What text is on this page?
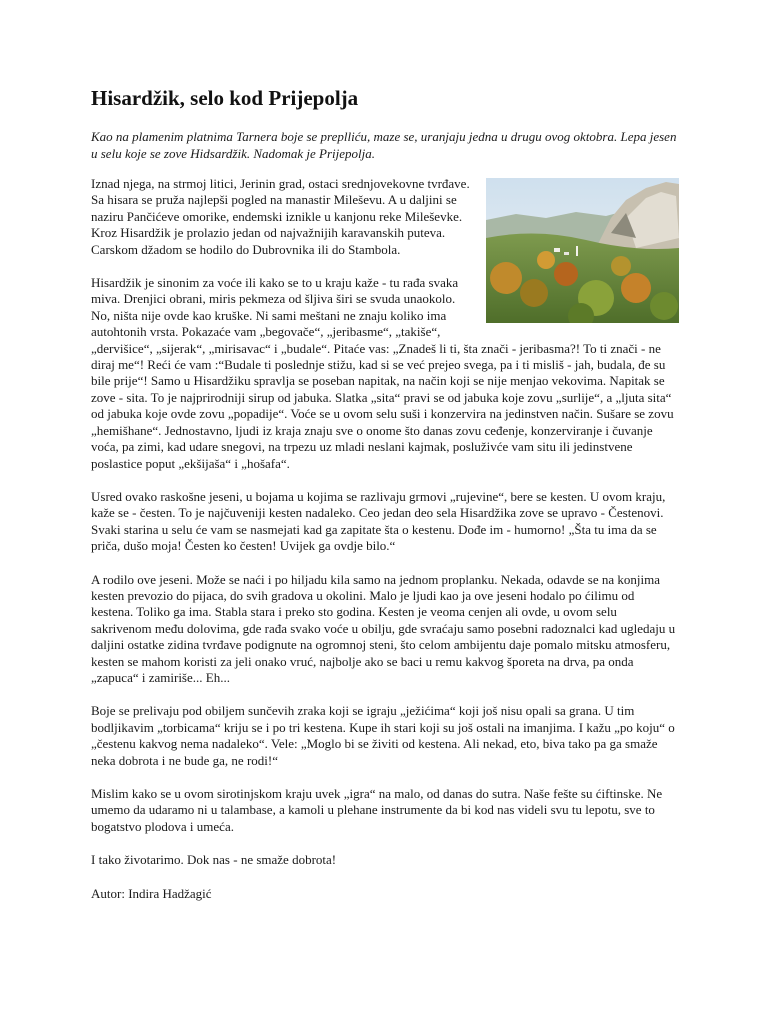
Hisardžik, selo kod Prijepolja

Kao na plamenim platnima Tarnera boje se preplliću, maze se, uranjaju jedna u drugu ovog oktobra. Lepa jesen u selu koje se zove Hidsardžik. Nadomak je Prijepolja.

Iznad njega, na strmoj litici, Jerinin grad, ostaci srednjovekovne tvrđave. Sa hisara se pruža najlepši pogled na manastir Mileševu. A u daljini se naziru Pančićeve omorike, endemski iznikle u kanjonu reke Mileševke. Kroz Hisardžik je prolazio jedan od najvažnijih karavanskih puteva. Carskom džadom se hodilo do Dubrovnika ili do Stambola.

Hisardžik je sinonim za voće ili kako se to u kraju kaže - tu rađa svaka miva. Drenjici obrani, miris pekmeza od šljiva širi se svuda unaokolo. No, ništa nije ovde kao kruške. Ni sami meštani ne znaju koliko ima autohtonih vrsta. Pokazaće vam „begovače“, „jeribasme“, „takiše“, „dervišice“, „sijerak“, „mirisavac“ i „budale“. Pitaće vas: „Znadeš li ti, šta znači - jeribasma?! To ti znači - ne diraj me“! Reći će vam :“Budale ti poslednje stižu, kad si se već prejeo svega, pa i ti misliš - jah, budala, đe su bile prije“! Samo u Hisardžiku spravlja se poseban napitak, na način koji se nije menjao vekovima. Napitak se zove - sita. To je najprirodniji sirup od jabuka. Slatka „sita“ pravi se od jabuka koje zovu „surlije“, a „ljuta sita“ od jabuka koje ovde zovu „popadije“. Voće se u ovom selu suši i konzervira na jedinstven način. Sušare se zovu „hemišhane“. Jednostavno, ljudi iz kraja znaju sve o onome što danas zovu ceđenje, konzerviranje i čuvanje voća, pa zimi, kad udare snegovi, na trpezu uz mladi neslani kajmak, posluživće vam situ ili jedinstvene poslastice poput „ekšijaša“ i „hošafa“.

Usred ovako raskošne jeseni, u bojama u kojima se razlivaju grmovi „rujevine“, bere se kesten. U ovom kraju, kaže se - česten. To je najčuveniji kesten nadaleko. Ceo jedan deo sela Hisardžika zove se upravo - Čestenovi. Svaki starina u selu će vam se nasmejati kad ga zapitate šta o kestenu. Dođe im - humorno! „Šta tu ima da se priča, dušo moja! Česten ko česten! Uvijek ga ovdje bilo.“

A rodilo ove jeseni. Može se naći i po hiljadu kila samo na jednom proplanku. Nekada, odavde se na konjima kesten prevozio do pijaca, do svih gradova u okolini. Malo je ljudi kao ja ove jeseni hodalo po ćilimu od kestena. Toliko ga ima. Stabla stara i preko sto godina. Kesten je veoma cenjen ali ovde, u ovom selu sakrivenom među dolovima, gde rađa svako voće u obilju, gde svraćaju samo posebni radoznalci kad ugledaju u daljini ostatke zidina tvrđave podignute na ogromnoj steni, što celom ambijentu daje pomalo mitsku atmosferu, kesten se mahom koristi za jeli onako vruć, najbolje ako se baci u remu kakvog šporeta na drva, pa onda „zapuca“ i zamiriše... Eh...

Boje se prelivaju pod obiljem sunčevih zraka koji se igraju „ježićima“ koji još nisu opali sa grana. U tim bodljikavim „torbicama“ kriju se i po tri kestena. Kupe ih stari koji su još ostali na imanjima. I kažu „po koju“ o „čestenu kakvog nema nadaleko“. Vele: „Moglo bi se živiti od kestena. Ali nekad, eto, biva tako pa ga smaže neka dobrota i ne bude ga, ne rodi!“

Mislim kako se u ovom sirotinjskom kraju uvek „igra“ na malo, od danas do sutra. Naše fešte su ćiftinske. Ne umemo da udaramo ni u talambase, a kamoli u plehane instrumente da bi kod nas videli svu tu lepotu, sve to bogatstvo plodova i umeća.

I tako životarimo. Dok nas - ne smaže dobrota!

Autor: Indira Hadžagić
